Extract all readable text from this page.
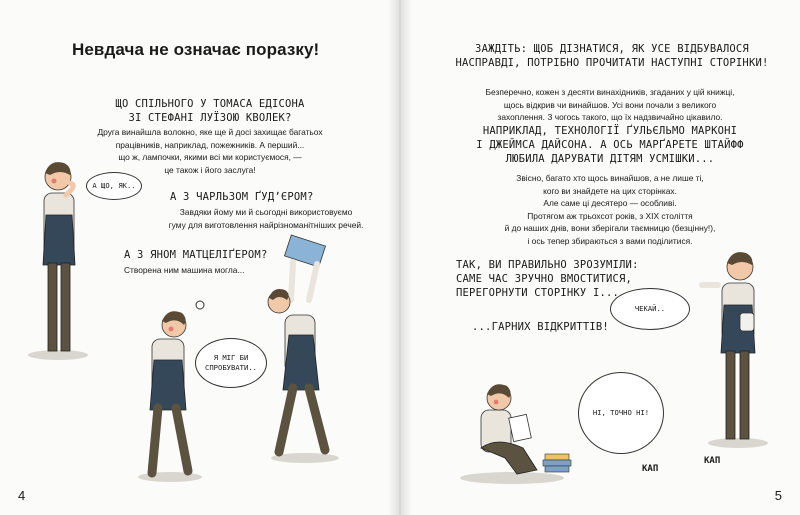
Невдача не означає поразку!
ЩО СПІЛЬНОГО У ТОМАСА ЕДІСОНА
ЗІ СТЕФАНІ ЛУЇЗОЮ КВОЛЕК?
Друга винайшла волокно, яке ще й досі захищає багатьох
працівників, наприклад, пожежників. А перший...
що ж, лампочки, якими всі ми користуємося, —
це також і його заслуга!
А З ЧАРЛЬЗОМ ҐУДʼЄРОМ?
Завдяки йому ми й сьогодні використовуємо
гуму для виготовлення найрізноманітніших речей.
А З ЯНОМ МАТЦЕЛІҐЕРОМ?
Створена ним машина могла...
А ЩО, ЯК..
Я МІГ БИ
СПРОБУВАТИ..
4
ЗАЖДІТЬ: ЩОБ ДІЗНАТИСЯ, ЯК УСЕ ВІДБУВАЛОСЯ
НАСПРАВДІ, ПОТРІБНО ПРОЧИТАТИ НАСТУПНІ СТОРІНКИ!
Безперечно, кожен з десяти винахідників, згаданих у цій книжці,
щось відкрив чи винайшов. Усі вони почали з великого
захоплення. З чогось такого, що їх надзвичайно цікавило.
НАПРИКЛАД, ТЕХНОЛОГІЇ ҐУЛЬЄЛЬМО МАРКОНІ
І ДЖЕЙМСА ДАЙСОНА. А ОСЬ МАРҐАРЕТЕ ШТАЙФФ
ЛЮБИЛА ДАРУВАТИ ДІТЯМ УСМІШКИ...
Звісно, багато хто щось винайшов, а не лише ті,
кого ви знайдете на цих сторінках.
Але саме ці десятеро — особливі.
Протягом аж трьохсот років, з XIX століття
й до наших днів, вони зберігали таємницю (безцінну!),
і ось тепер збираються з вами поділитися.
ТАК, ВИ ПРАВИЛЬНО ЗРОЗУМІЛИ:
САМЕ ЧАС ЗРУЧНО ВМОСТИТИСЯ,
ПЕРЕГОРНУТИ СТОРІНКУ І...
...ГАРНИХ ВІДКРИТТІВ!
ЧЕКАЙ..
НІ, ТОЧНО НІ!
КАП
КАП
5
